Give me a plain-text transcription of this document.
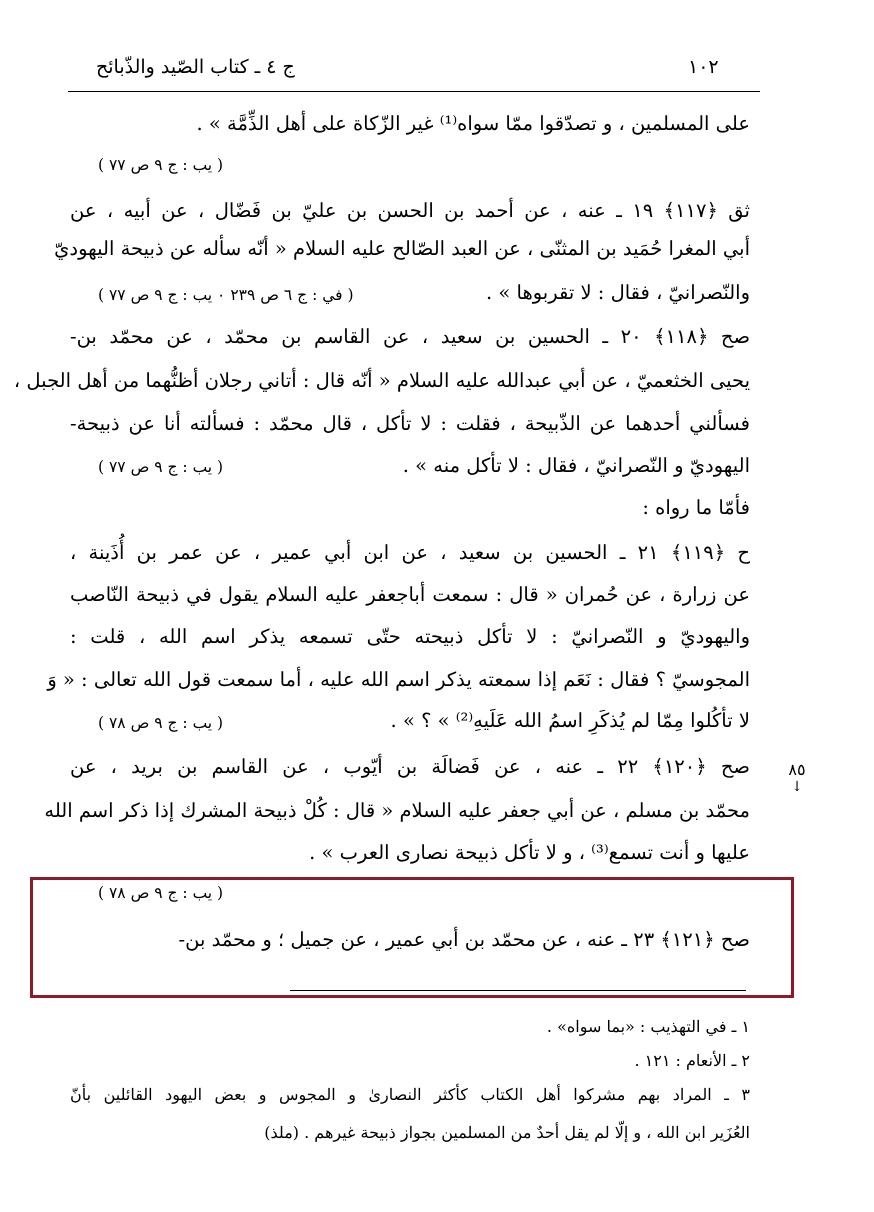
١٠٢
ج ٤ ـ كتاب الصّيد والذّبائح
على المسلمين ، و تصدّقوا ممّا سواه⁽¹⁾ غير الزّكاة على أهل الذِّمَّة » .
( يب : ج ٩ ص ٧٧ )
ثق ﴿١١٧﴾ ١٩ ـ عنه ، عن أحمد بن الحسن بن عليّ بن فَضّال ، عن أبيه ، عن
أبي المغرا حُمَيد بن المثنّى ، عن العبد الصّالح عليه السلام « أنّه سأله عن ذبيحة اليهوديّ
والنّصرانيّ ، فقال : لا تقربوها » .
( في : ج ٦ ص ٢٣٩ ٠ يب : ج ٩ ص ٧٧ )
صح ﴿١١٨﴾ ٢٠ ـ الحسين بن سعيد ، عن القاسم بن محمّد ، عن محمّد بن-
يحيى الخثعميّ ، عن أبي عبدالله عليه السلام « أنّه قال : أتاني رجلان أظنُّهما من أهل الجبل ،
فسألني أحدهما عن الذّبيحة ، فقلت : لا تأكل ، قال محمّد : فسألته أنا عن ذبيحة-
اليهوديّ و النّصرانيّ ، فقال : لا تأكل منه » .
( يب : ج ٩ ص ٧٧ )
فأمّا ما رواه :
ح ﴿١١٩﴾ ٢١ ـ الحسين بن سعيد ، عن ابن أبي عمير ، عن عمر بن أُذَينة ،
عن زرارة ، عن حُمران « قال : سمعت أباجعفر عليه السلام يقول في ذبيحة النّاصب
واليهوديّ و النّصرانيّ : لا تأكل ذبيحته حتّى تسمعه يذكر اسم الله ، قلت :
المجوسيّ ؟ فقال : نَعَم إذا سمعته يذكر اسم الله عليه ، أما سمعت قول الله تعالى : « وَ
لا تأكُلوا مِمّا لم يُذكَرِ اسمُ الله عَلَيهِ⁽²⁾ » ؟ » .
( يب : ج ٩ ص ٧٨ )
صح ﴿١٢٠﴾ ٢٢ ـ عنه ، عن فَضالَة بن أيّوب ، عن القاسم بن بريد ، عن
محمّد بن مسلم ، عن أبي جعفر عليه السلام « قال : كُلْ ذبيحة المشرك إذا ذكر اسم الله
عليها و أنت تسمع⁽³⁾ ، و لا تأكل ذبيحة نصارى العرب » .
٨٥
↓
( يب : ج ٩ ص ٧٨ )
صح ﴿١٢١﴾ ٢٣ ـ عنه ، عن محمّد بن أبي عمير ، عن جميل ؛ و محمّد بن-
١ ـ في التهذيب : «بما سواه» .
٢ ـ الأنعام : ١٢١ .
٣ ـ المراد بهم مشركوا أهل الكتاب كأكثر النصارىٰ و المجوس و بعض اليهود القائلين بأنّ
العُزَير ابن الله ، و إلّا لم يقل أحدٌ من المسلمين بجواز ذبيحة غيرهم . (ملذ)
